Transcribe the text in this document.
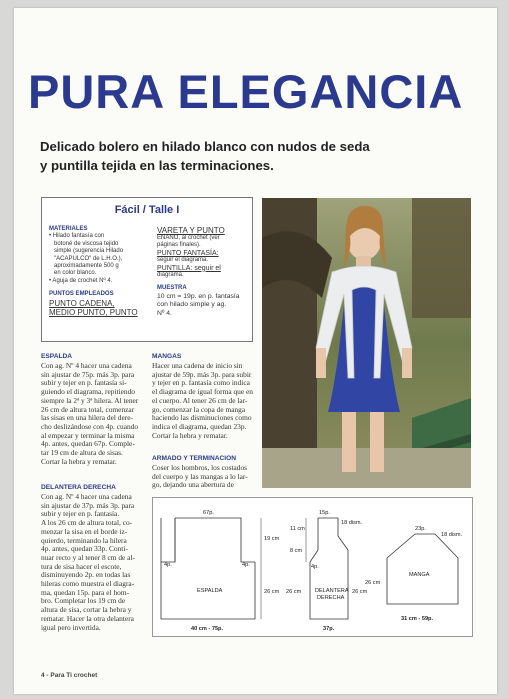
PURA ELEGANCIA
Delicado bolero en hilado blanco con nudos de seda
y puntilla tejida en las terminaciones.
Fácil / Talle I
MATERIALES
• Hilado fantasía con
botoné de viscosa tejido
simple (sugerencia Hilado
"ACAPULCO" de L.H.O.),
aproximadamente 500 g
en color blanco.
• Aguja de crochet Nº 4.
PUNTOS EMPLEADOS
PUNTO CADENA,
MEDIO PUNTO, PUNTO
VARETA Y PUNTO
ENANO, al crochet (ver
páginas finales).
PUNTO FANTASÍA:
seguir el diagrama.
PUNTILLA: seguir el
diagrama.
MUESTRA
10 cm = 19p. en p. fantasía
con hilado simple y ag.
Nº 4.
ESPALDA
Con ag. Nº 4 hacer una cadena
sin ajustar de 75p. más 3p. para
subir y tejer en p. fantasía si-
guiendo el diagrama, repitiendo
siempre la 2ª y 3ª hilera. Al tener
26 cm de altura total, comenzar
las sisas en una hilera del dere-
cho deslizándose con 4p. cuando
al empezar y terminar la misma
4p. antes, quedan 67p. Comple-
tar 19 cm de altura de sisas.
Cortar la hebra y rematar.
DELANTERA DERECHA
Con ag. Nº 4 hacer una cadena
sin ajustar de 37p. más 3p. para
subir y tejer en p. fantasía.
A los 26 cm de altura total, co-
menzar la sisa en el borde iz-
quierdo, terminando la hilera
4p. antes, quedan 33p. Conti-
nuar recto y al tener 8 cm de al-
tura de sisa hacer el escote,
disminuyendo 2p. en todas las
hileras como muestra el diagra-
ma, quedan 15p. para el hom-
bro. Completar los 19 cm de
altura de sisa, cortar la hebra y
rematar. Hacer la otra delantera
igual pero invertida.
MANGAS
Hacer una cadena de inicio sin
ajustar de 59p. más 3p. para subir
y tejer en p. fantasía como indica
el diagrama de igual forma que en
el cuerpo. Al tener 26 cm de lar-
go, comenzar la copa de manga
haciendo las disminuciones como
indica el diagrama, quedan 23p.
Cortar la hebra y rematar.
ARMADO Y TERMINACION
Coser los hombros, los costados
del cuerpo y las mangas a lo lar-
go, dejando una abertura de
67p.
4p.	4p.
19 cm
26 cm
ESPALDA
40 cm - 75p.
15p.
18 dism.
11 cm
8 cm
4p.
26 cm	26 cm
DELANTERA
DERECHA
37p.
23p.
18 dism.
26 cm
MANGA
31 cm - 59p.
4 - Para Ti crochet
